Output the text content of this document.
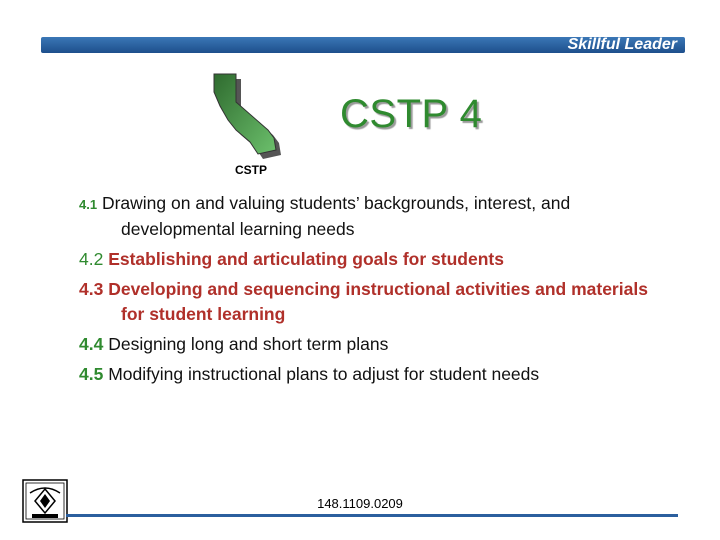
Skillful Leader
CSTP
CSTP 4
4.1 Drawing on and valuing students’ backgrounds, interest, and developmental learning needs
4.2 Establishing and articulating goals for students
4.3 Developing and sequencing instructional activities and materials for student learning
4.4 Designing long and short term plans
4.5 Modifying instructional plans to adjust for student needs
148.1109.0209
